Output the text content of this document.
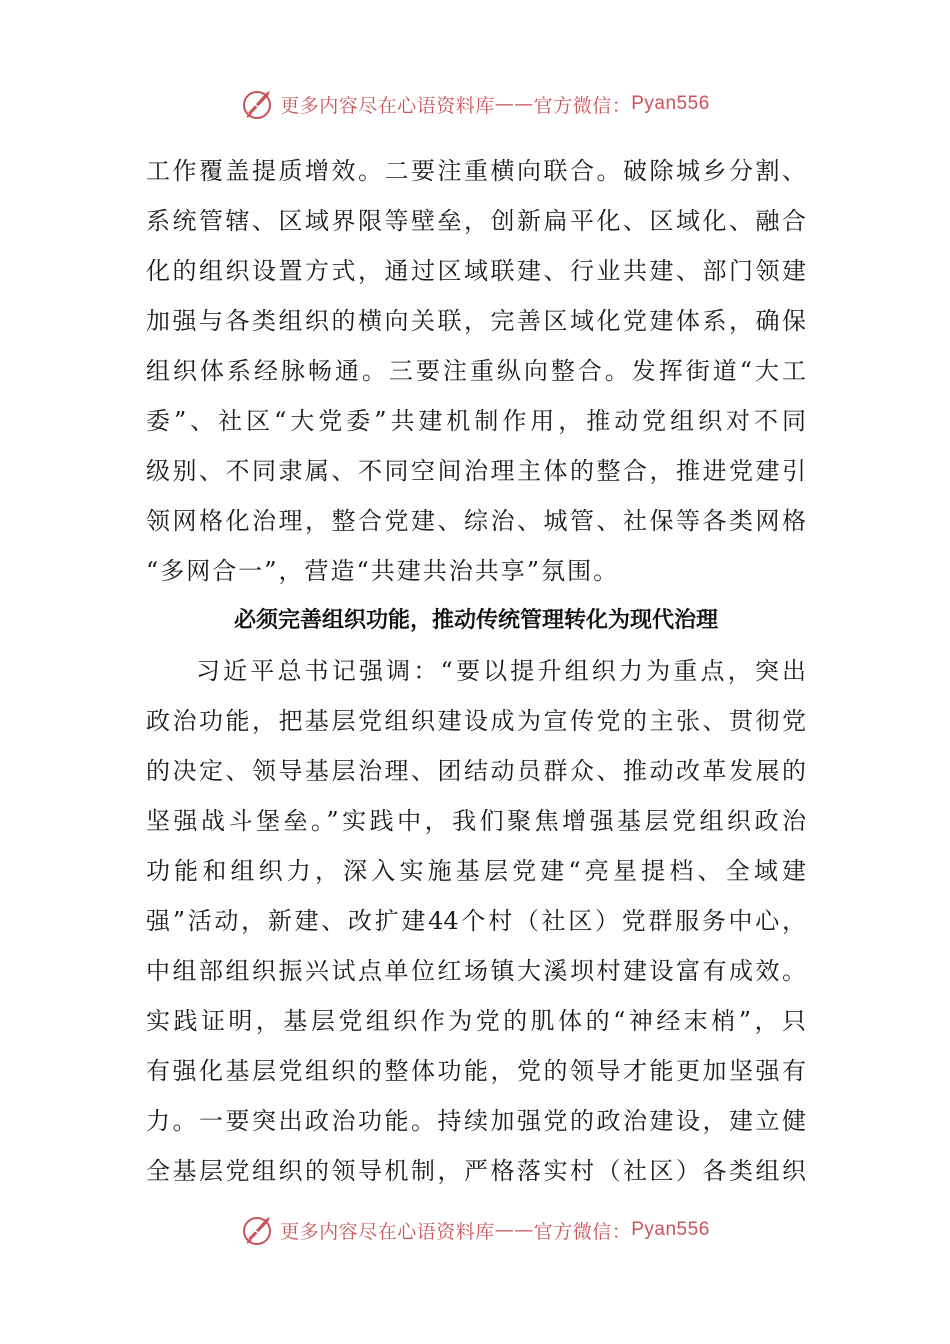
更多内容尽在心语资料库 —— 官方微信： Pyan556
工作覆盖提质增效。二要注重横向联合。破除城乡分割、
系统管辖、区域界限等壁垒，创新扁平化、区域化、融合
化的组织设置方式，通过区域联建、行业共建、部门领建
加强与各类组织的横向关联，完善区域化党建体系，确保
组织体系经脉畅通。三要注重纵向整合。发挥街道“大工
委”、社区“大党委”共建机制作用，推动党组织对不同
级别、不同隶属、不同空间治理主体的整合，推进党建引
领网格化治理，整合党建、综治、城管、社保等各类网格
“多网合一”，营造“共建共治共享”氛围。
必须完善组织功能，推动传统管理转化为现代治理
习近平总书记强调：“要以提升组织力为重点，突出
政治功能，把基层党组织建设成为宣传党的主张、贯彻党
的决定、领导基层治理、团结动员群众、推动改革发展的
坚强战斗堡垒。”实践中，我们聚焦增强基层党组织政治
功能和组织力，深入实施基层党建“亮星提档、全域建
强”活动，新建、改扩建44个村（社区）党群服务中心，
中组部组织振兴试点单位红场镇大溪坝村建设富有成效。
实践证明，基层党组织作为党的肌体的“神经末梢”，只
有强化基层党组织的整体功能，党的领导才能更加坚强有
力。一要突出政治功能。持续加强党的政治建设，建立健
全基层党组织的领导机制，严格落实村（社区）各类组织
更多内容尽在心语资料库 —— 官方微信： Pyan556
